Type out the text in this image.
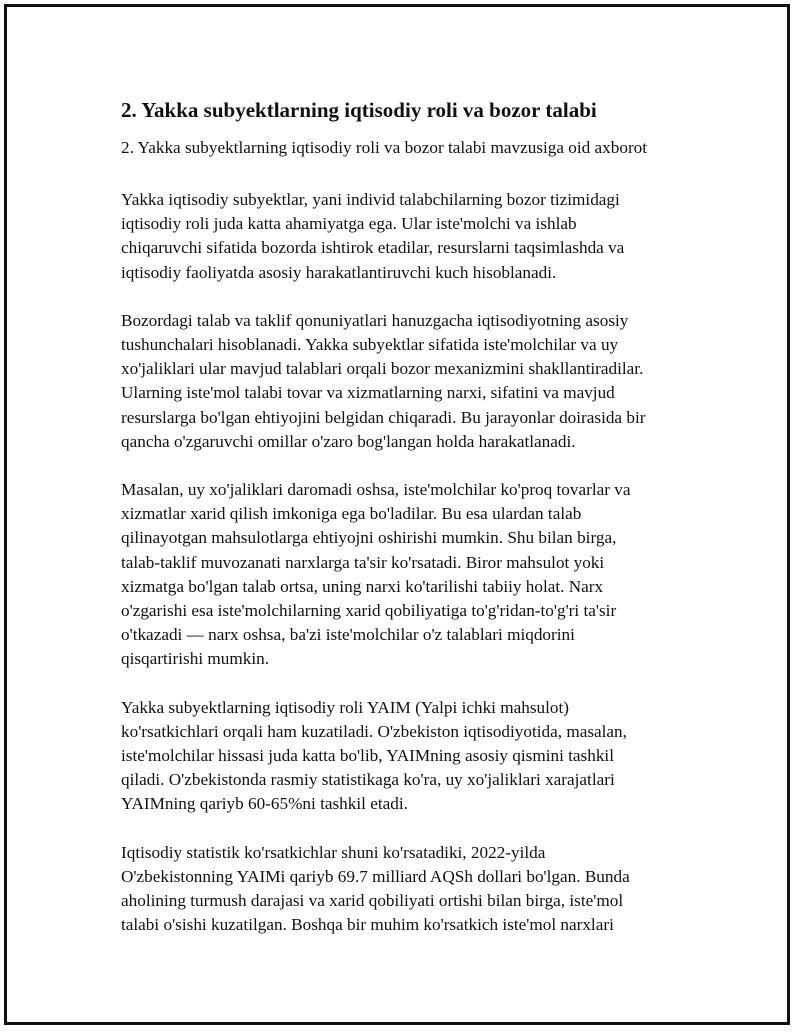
2. Yakka subyektlarning iqtisodiy roli va bozor talabi
2. Yakka subyektlarning iqtisodiy roli va bozor talabi mavzusiga oid axborot
Yakka iqtisodiy subyektlar, yani individ talabchilarning bozor tizimidagi
iqtisodiy roli juda katta ahamiyatga ega. Ular iste'molchi va ishlab
chiqaruvchi sifatida bozorda ishtirok etadilar, resurslarni taqsimlashda va
iqtisodiy faoliyatda asosiy harakatlantiruvchi kuch hisoblanadi.
Bozordagi talab va taklif qonuniyatlari hanuzgacha iqtisodiyotning asosiy
tushunchalari hisoblanadi. Yakka subyektlar sifatida iste'molchilar va uy
xo'jaliklari ular mavjud talablari orqali bozor mexanizmini shakllantiradilar.
Ularning iste'mol talabi tovar va xizmatlarning narxi, sifatini va mavjud
resurslarga bo'lgan ehtiyojini belgidan chiqaradi. Bu jarayonlar doirasida bir
qancha o'zgaruvchi omillar o'zaro bog'langan holda harakatlanadi.
Masalan, uy xo'jaliklari daromadi oshsa, iste'molchilar ko'proq tovarlar va
xizmatlar xarid qilish imkoniga ega bo'ladilar. Bu esa ulardan talab
qilinayotgan mahsulotlarga ehtiyojni oshirishi mumkin. Shu bilan birga,
talab-taklif muvozanati narxlarga ta'sir ko'rsatadi. Biror mahsulot yoki
xizmatga bo'lgan talab ortsa, uning narxi ko'tarilishi tabiiy holat. Narx
o'zgarishi esa iste'molchilarning xarid qobiliyatiga to'g'ridan-to'g'ri ta'sir
o'tkazadi — narx oshsa, ba'zi iste'molchilar o'z talablari miqdorini
qisqartirishi mumkin.
Yakka subyektlarning iqtisodiy roli YAIM (Yalpi ichki mahsulot)
ko'rsatkichlari orqali ham kuzatiladi. O'zbekiston iqtisodiyotida, masalan,
iste'molchilar hissasi juda katta bo'lib, YAIMning asosiy qismini tashkil
qiladi. O'zbekistonda rasmiy statistikaga ko'ra, uy xo'jaliklari xarajatlari
YAIMning qariyb 60-65%ni tashkil etadi.
Iqtisodiy statistik ko'rsatkichlar shuni ko'rsatadiki, 2022-yilda
O'zbekistonning YAIMi qariyb 69.7 milliard AQSh dollari bo'lgan. Bunda
aholining turmush darajasi va xarid qobiliyati ortishi bilan birga, iste'mol
talabi o'sishi kuzatilgan. Boshqa bir muhim ko'rsatkich iste'mol narxlari
